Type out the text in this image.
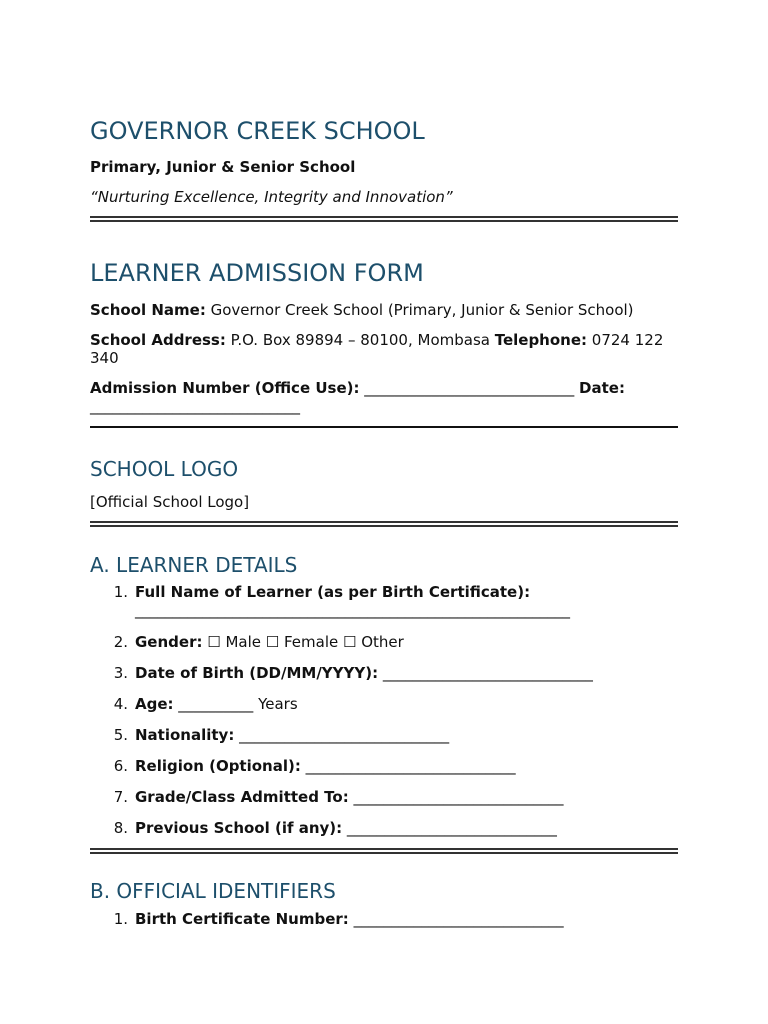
GOVERNOR CREEK SCHOOL

Primary, Junior & Senior School

“Nurturing Excellence, Integrity and Innovation”

LEARNER ADMISSION FORM

School Name: Governor Creek School (Primary, Junior & Senior School)

School Address: P.O. Box 89894 – 80100, Mombasa Telephone: 0724 122 340

Admission Number (Office Use): ____________________________ Date:
____________________________

SCHOOL LOGO

[Official School Logo]

A. LEARNER DETAILS
1. Full Name of Learner (as per Birth Certificate):
__________________________________________________________
2. Gender: ☐ Male ☐ Female ☐ Other
3. Date of Birth (DD/MM/YYYY): ____________________________
4. Age: __________ Years
5. Nationality: ____________________________
6. Religion (Optional): ____________________________
7. Grade/Class Admitted To: ____________________________
8. Previous School (if any): ____________________________
B. OFFICIAL IDENTIFIERS
1. Birth Certificate Number: ____________________________
